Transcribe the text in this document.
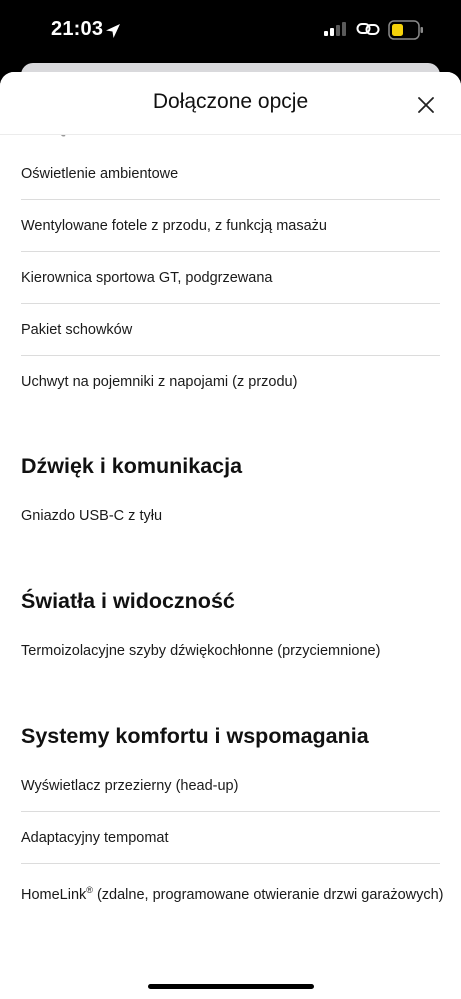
21:03
Dołączone opcje
Oświetlenie ambientowe
Wentylowane fotele z przodu, z funkcją masażu
Kierownica sportowa GT, podgrzewana
Pakiet schowków
Uchwyt na pojemniki z napojami (z przodu)
Dźwięk i komunikacja
Gniazdo USB-C z tyłu
Światła i widoczność
Termoizolacyjne szyby dźwiękochłonne (przyciemnione)
Systemy komfortu i wspomagania
Wyświetlacz przezierny (head-up)
Adaptacyjny tempomat
HomeLink® (zdalne, programowane otwieranie drzwi garażowych)
